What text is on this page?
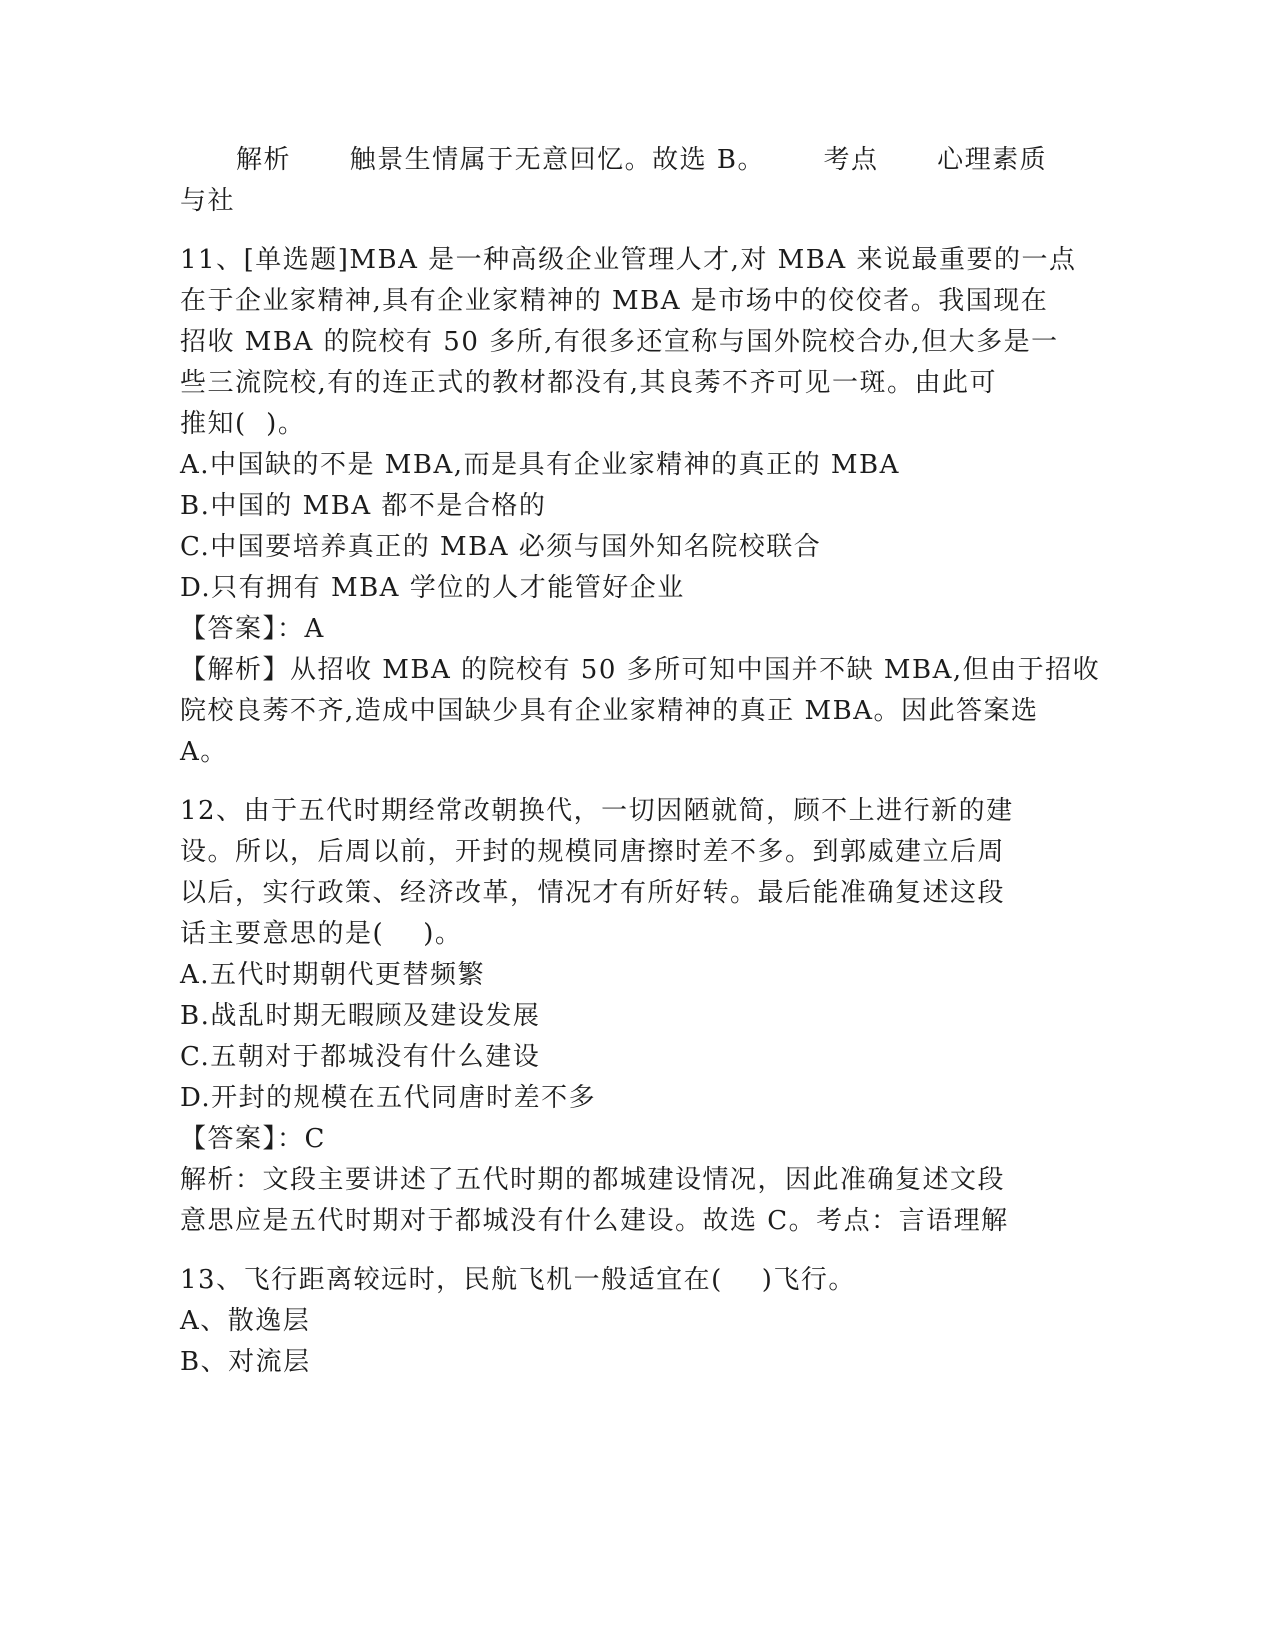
解析      触景生情属于无意回忆。故选 B。      考点      心理素质
与社
11、[单选题]MBA 是一种高级企业管理人才,对 MBA 来说最重要的一点
在于企业家精神,具有企业家精神的 MBA 是市场中的佼佼者。我国现在
招收 MBA 的院校有 50 多所,有很多还宣称与国外院校合办,但大多是一
些三流院校,有的连正式的教材都没有,其良莠不齐可见一斑。由此可
推知(  )。
A.中国缺的不是 MBA,而是具有企业家精神的真正的 MBA
B.中国的 MBA 都不是合格的
C.中国要培养真正的 MBA 必须与国外知名院校联合
D.只有拥有 MBA 学位的人才能管好企业
【答案】：A
【解析】从招收 MBA 的院校有 50 多所可知中国并不缺 MBA,但由于招收
院校良莠不齐,造成中国缺少具有企业家精神的真正 MBA。因此答案选
A。
12、由于五代时期经常改朝换代，一切因陋就简，顾不上进行新的建
设。所以，后周以前，开封的规模同唐擦时差不多。到郭威建立后周
以后，实行政策、经济改革，情况才有所好转。最后能准确复述这段
话主要意思的是(    )。
A.五代时期朝代更替频繁
B.战乱时期无暇顾及建设发展
C.五朝对于都城没有什么建设
D.开封的规模在五代同唐时差不多
【答案】：C
解析：文段主要讲述了五代时期的都城建设情况，因此准确复述文段
意思应是五代时期对于都城没有什么建设。故选 C。考点：言语理解
13、飞行距离较远时，民航飞机一般适宜在(    )飞行。
A、散逸层
B、对流层
